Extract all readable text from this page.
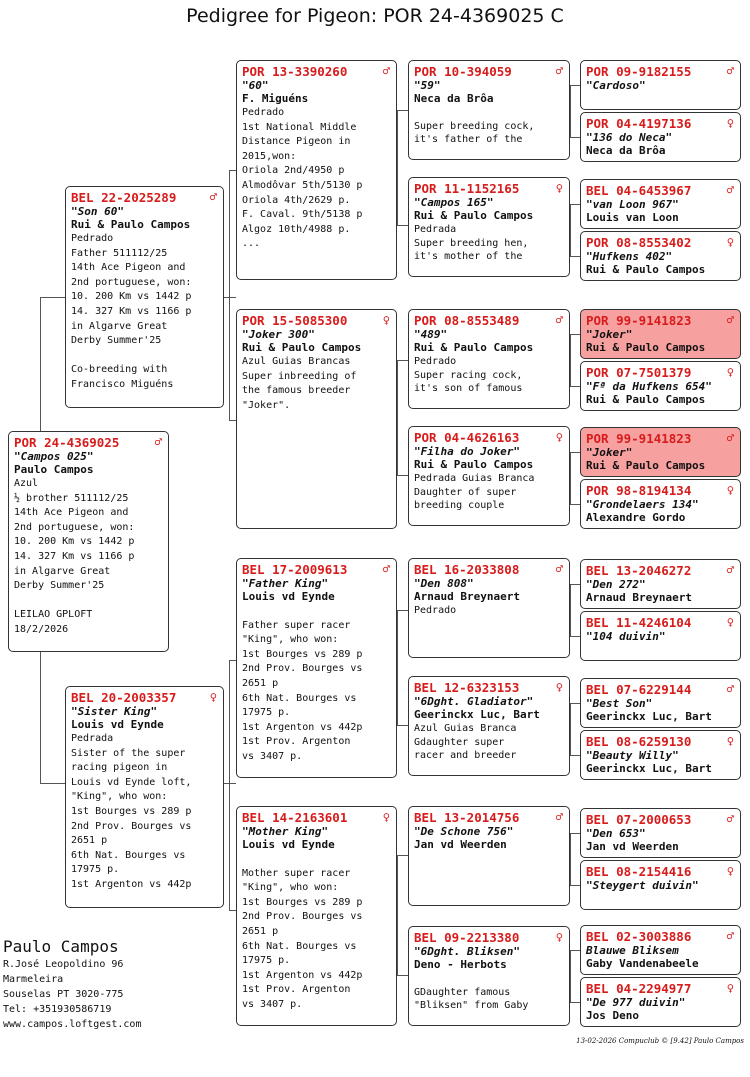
Pedigree for Pigeon: POR 24-4369025 C
POR 24-4369025	♂
"Campos 025"
Paulo Campos
Azul
½ brother 511112/25
14th Ace Pigeon and
2nd portuguese, won:
10. 200 Km vs 1442 p
14. 327 Km vs 1166 p
in Algarve Great
Derby Summer'25

LEILAO GPLOFT
18/2/2026
BEL 22-2025289	♂
"Son 60"
Rui & Paulo Campos
Pedrado
Father 511112/25
14th Ace Pigeon and
2nd portuguese, won:
10. 200 Km vs 1442 p
14. 327 Km vs 1166 p
in Algarve Great
Derby Summer'25

Co-breeding with
Francisco Miguéns
BEL 20-2003357	♀
"Sister King"
Louis vd Eynde
Pedrada
Sister of the super
racing pigeon in
Louis vd Eynde loft,
"King", who won:
1st Bourges vs 289 p
2nd Prov. Bourges vs
2651 p
6th Nat. Bourges vs
17975 p.
1st Argenton vs 442p
POR 13-3390260	♂
"60"
F. Miguéns
Pedrado
1st National Middle
Distance Pigeon in
2015,won:
Oriola 2nd/4950 p
Almodôvar 5th/5130 p
Oriola 4th/2629 p.
F. Caval. 9th/5138 p
Algoz 10th/4988 p.
...
POR 15-5085300	♀
"Joker 300"
Rui & Paulo Campos
Azul Guias Brancas
Super inbreeding of
the famous breeder
"Joker".
BEL 17-2009613	♂
"Father King"
Louis vd Eynde

Father super racer
"King", who won:
1st Bourges vs 289 p
2nd Prov. Bourges vs
2651 p
6th Nat. Bourges vs
17975 p.
1st Argenton vs 442p
1st Prov. Argenton
vs 3407 p.
BEL 14-2163601	♀
"Mother King"
Louis vd Eynde

Mother super racer
"King", who won:
1st Bourges vs 289 p
2nd Prov. Bourges vs
2651 p
6th Nat. Bourges vs
17975 p.
1st Argenton vs 442p
1st Prov. Argenton
vs 3407 p.
POR 10-394059	♂
"59"
Neca da Brôa

Super breeding cock,
it's father of the
POR 11-1152165	♀
"Campos 165"
Rui & Paulo Campos
Pedrada
Super breeding hen,
it's mother of the
POR 08-8553489	♂
"489"
Rui & Paulo Campos
Pedrado
Super racing cock,
it's son of famous
POR 04-4626163	♀
"Filha do Joker"
Rui & Paulo Campos
Pedrada Guias Branca
Daughter of super
breeding couple
BEL 16-2033808	♂
"Den 808"
Arnaud Breynaert
Pedrado
BEL 12-6323153	♀
"6Dght. Gladiator"
Geerinckx Luc, Bart
Azul Guias Branca
Gdaughter super
racer and breeder
BEL 13-2014756	♂
"De Schone 756"
Jan vd Weerden
BEL 09-2213380	♀
"6Dght. Bliksen"
Deno - Herbots

GDaughter famous
"Bliksen" from Gaby
POR 09-9182155	♂
"Cardoso"
POR 04-4197136	♀
"136 do Neca"
Neca da Brôa
BEL 04-6453967	♂
"van Loon 967"
Louis van Loon
POR 08-8553402	♀
"Hufkens 402"
Rui & Paulo Campos
POR 99-9141823	♂
"Joker"
Rui & Paulo Campos
POR 07-7501379	♀
"Fª da Hufkens 654"
Rui & Paulo Campos
POR 99-9141823	♂
"Joker"
Rui & Paulo Campos
POR 98-8194134	♀
"Grondelaers 134"
Alexandre Gordo
BEL 13-2046272	♂
"Den 272"
Arnaud Breynaert
BEL 11-4246104	♀
"104 duivin"
BEL 07-6229144	♂
"Best Son"
Geerinckx Luc, Bart
BEL 08-6259130	♀
"Beauty Willy"
Geerinckx Luc, Bart
BEL 07-2000653	♂
"Den 653"
Jan vd Weerden
BEL 08-2154416	♀
"Steygert duivin"
BEL 02-3003886	♂
Blauwe Bliksem
Gaby Vandenabeele
BEL 04-2294977	♀
"De 977 duivin"
Jos Deno
Paulo Campos
R.José Leopoldino 96
Marmeleira
Souselas PT 3020-775
Tel: +351930586719
www.campos.loftgest.com
13-02-2026 Compuclub © [9.42] Paulo Campos
